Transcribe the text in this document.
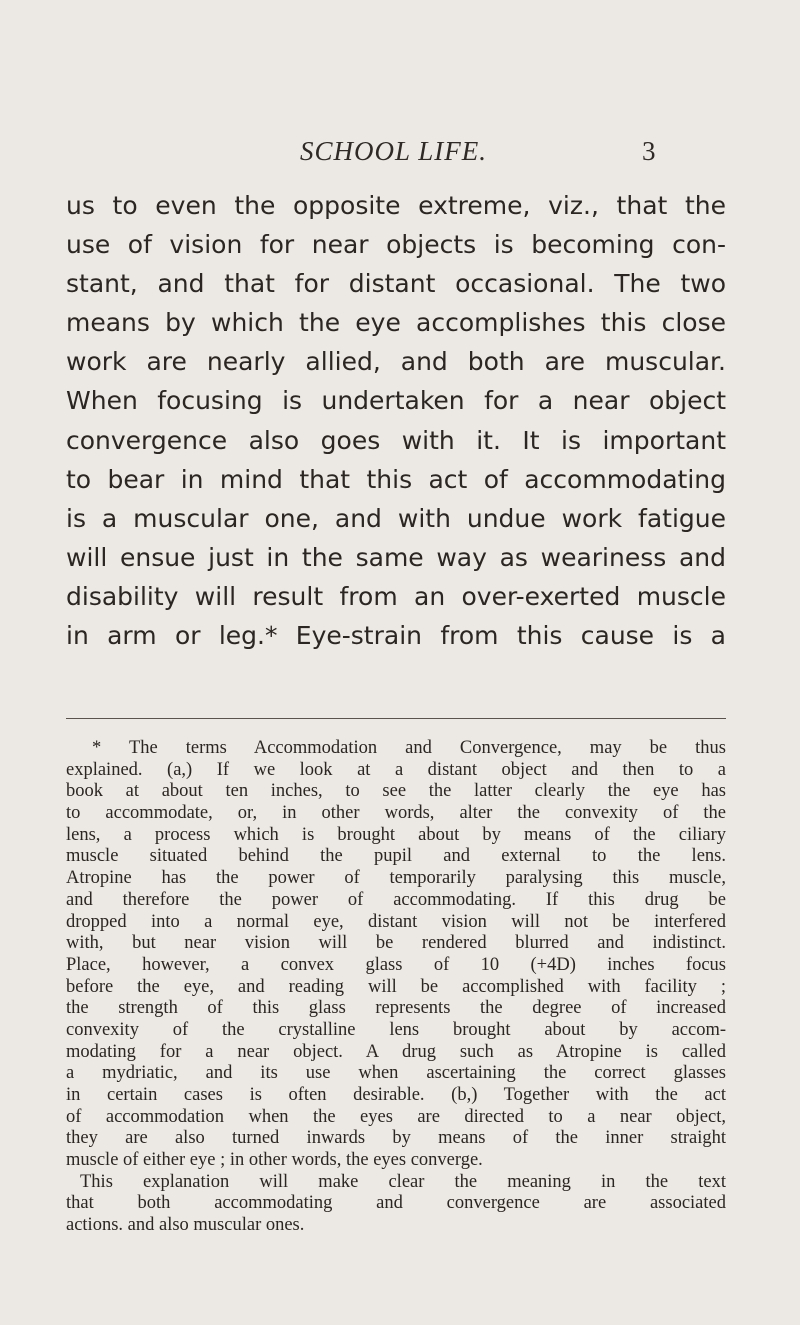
SCHOOL LIFE.	3
us to even the opposite extreme, viz., that the
use of vision for near objects is becoming con-
stant, and that for distant occasional. The two
means by which the eye accomplishes this close
work are nearly allied, and both are muscular.
When focusing is undertaken for a near object
convergence also goes with it. It is important
to bear in mind that this act of accommodating
is a muscular one, and with undue work fatigue
will ensue just in the same way as weariness and
disability will result from an over-exerted muscle
in arm or leg.* Eye-strain from this cause is a
* The terms Accommodation and Convergence, may be thus
explained. (a,) If we look at a distant object and then to a
book at about ten inches, to see the latter clearly the eye has
to accommodate, or, in other words, alter the convexity of the
lens, a process which is brought about by means of the ciliary
muscle situated behind the pupil and external to the lens.
Atropine has the power of temporarily paralysing this muscle,
and therefore the power of accommodating. If this drug be
dropped into a normal eye, distant vision will not be interfered
with, but near vision will be rendered blurred and indistinct.
Place, however, a convex glass of 10 (+4D) inches focus
before the eye, and reading will be accomplished with facility ;
the strength of this glass represents the degree of increased
convexity of the crystalline lens brought about by accom-
modating for a near object. A drug such as Atropine is called
a mydriatic, and its use when ascertaining the correct glasses
in certain cases is often desirable. (b,) Together with the act
of accommodation when the eyes are directed to a near object,
they are also turned inwards by means of the inner straight
muscle of either eye ; in other words, the eyes converge.
This explanation will make clear the meaning in the text
that both accommodating and convergence are associated
actions. and also muscular ones.
